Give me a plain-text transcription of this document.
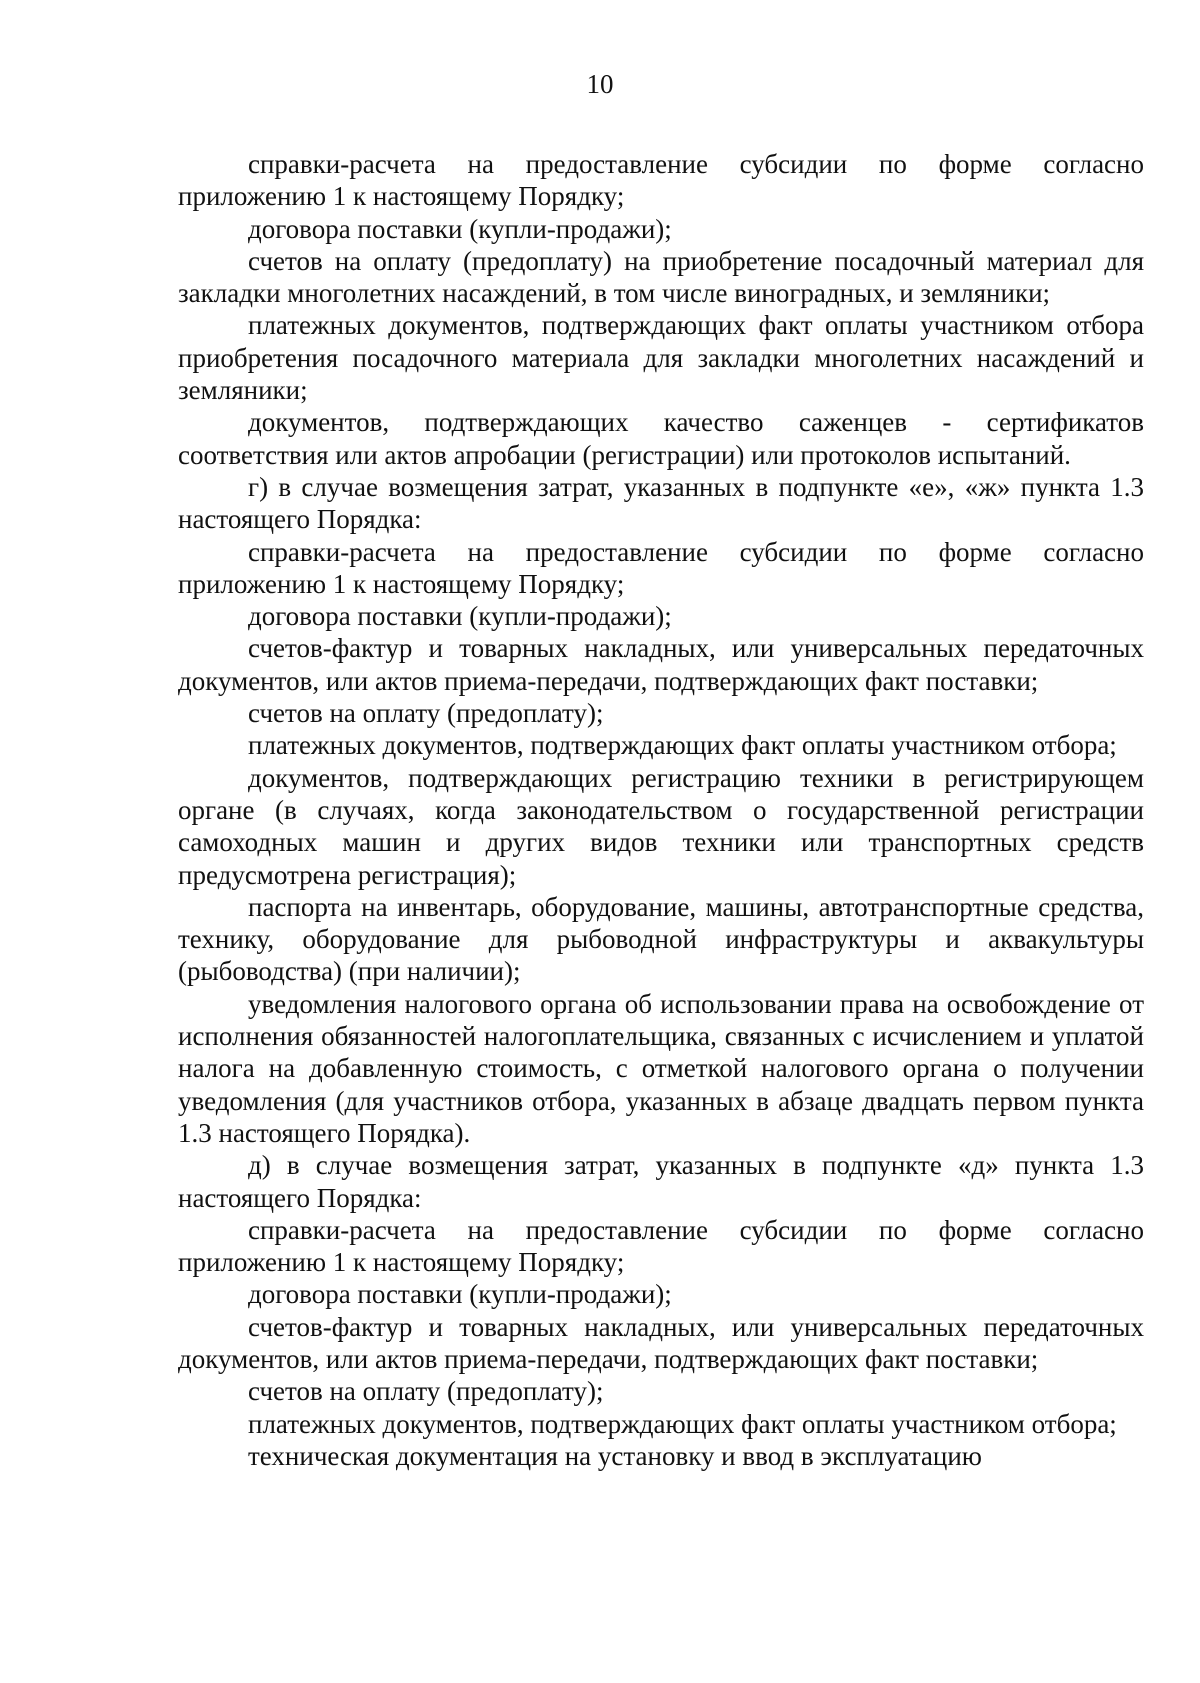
10

справки-расчета на предоставление субсидии по форме согласно приложению 1 к настоящему Порядку;

договора поставки (купли-продажи);

счетов на оплату (предоплату) на приобретение посадочный материал для закладки многолетних насаждений, в том числе виноградных, и земляники;

платежных документов, подтверждающих факт оплаты участником отбора приобретения посадочного материала для закладки многолетних насаждений и земляники;

документов, подтверждающих качество саженцев - сертификатов соответствия или актов апробации (регистрации) или протоколов испытаний.

г) в случае возмещения затрат, указанных в подпункте «е», «ж» пункта 1.3 настоящего Порядка:

справки-расчета на предоставление субсидии по форме согласно приложению 1 к настоящему Порядку;

договора поставки (купли-продажи);

счетов-фактур и товарных накладных, или универсальных передаточных документов, или актов приема-передачи, подтверждающих факт поставки;

счетов на оплату (предоплату);

платежных документов, подтверждающих факт оплаты участником отбора;

документов, подтверждающих регистрацию техники в регистрирующем органе (в случаях, когда законодательством о государственной регистрации самоходных машин и других видов техники или транспортных средств предусмотрена регистрация);

паспорта на инвентарь, оборудование, машины, автотранспортные средства, технику, оборудование для рыбоводной инфраструктуры и аквакультуры (рыбоводства) (при наличии);

уведомления налогового органа об использовании права на освобождение от исполнения обязанностей налогоплательщика, связанных с исчислением и уплатой налога на добавленную стоимость, с отметкой налогового органа о получении уведомления (для участников отбора, указанных в абзаце двадцать первом пункта 1.3 настоящего Порядка).

д) в случае возмещения затрат, указанных в подпункте «д» пункта 1.3 настоящего Порядка:

справки-расчета на предоставление субсидии по форме согласно приложению 1 к настоящему Порядку;

договора поставки (купли-продажи);

счетов-фактур и товарных накладных, или универсальных передаточных документов, или актов приема-передачи, подтверждающих факт поставки;

счетов на оплату (предоплату);

платежных документов, подтверждающих факт оплаты участником отбора;

техническая документация на установку и ввод в эксплуатацию
